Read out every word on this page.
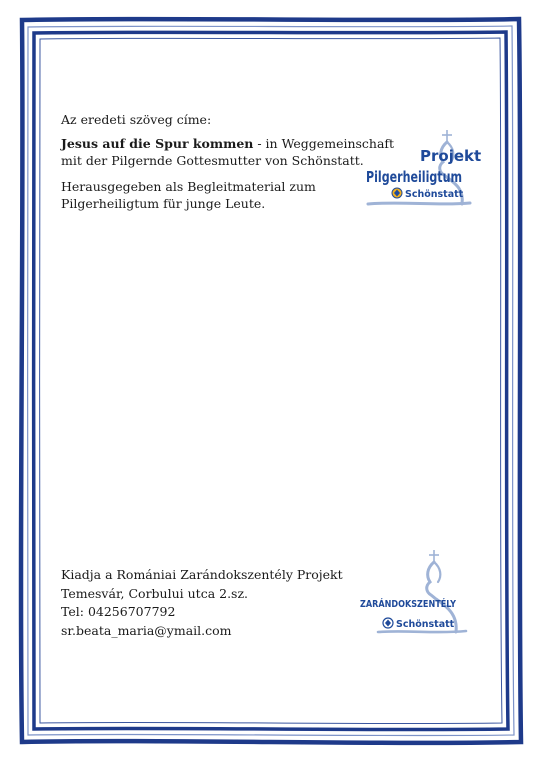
Az eredeti szöveg címe:
Jesus auf die Spur kommen - in Weggemeinschaft mit der Pilgernde Gottesmutter von Schönstatt.
Herausgegeben als Begleitmaterial zum Pilgerheiligtum für junge Leute.
Projekt
Pilgerheiligtum
Schönstatt
Kiadja a Romániai Zarándokszentély Projekt
Temesvár, Corbului utca 2.sz.
Tel: 04256707792
sr.beata_maria@ymail.com
ZARÁNDOKSZENTÉLY
Schönstatt
